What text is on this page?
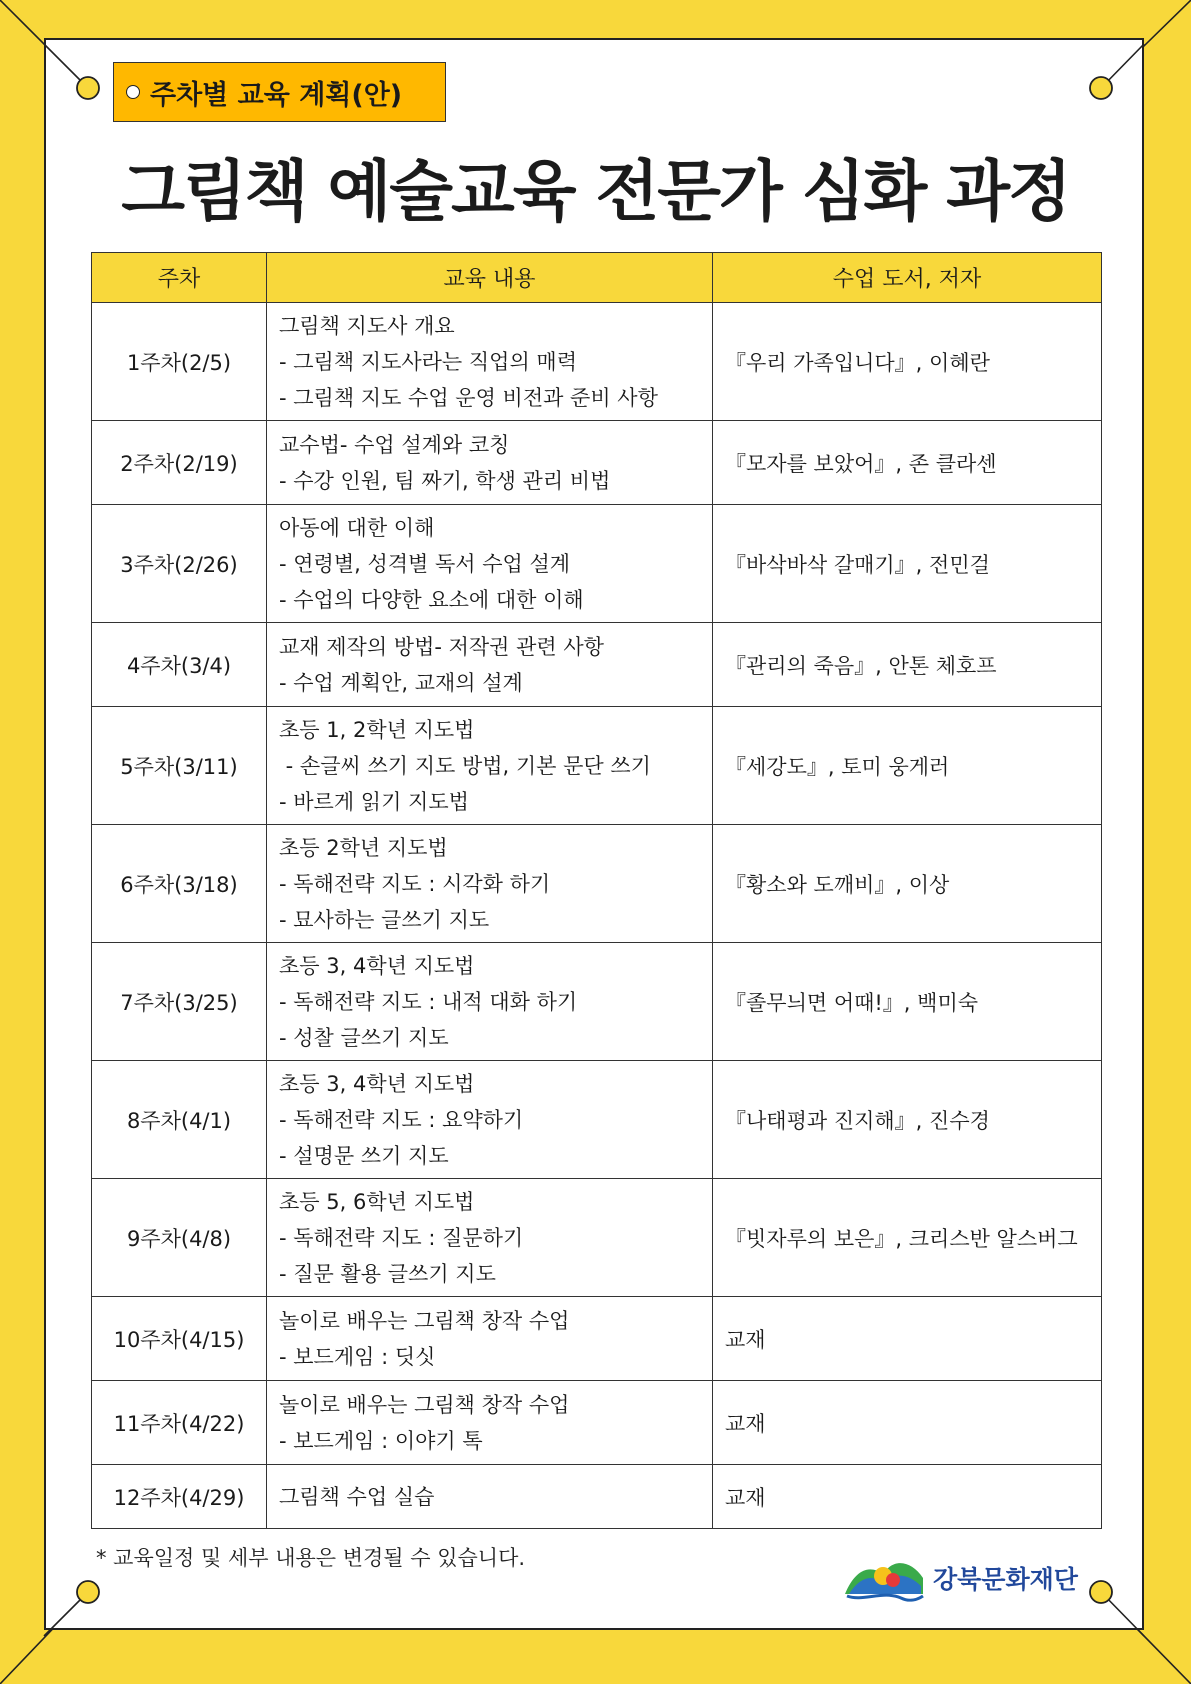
주차별 교육 계획(안)
그림책 예술교육 전문가 심화 과정
주차	교육 내용	수업 도서, 저자
1주차(2/5)	그림책 지도사 개요
- 그림책 지도사라는 직업의 매력
- 그림책 지도 수업 운영 비전과 준비 사항	『우리 가족입니다』, 이혜란
2주차(2/19)	교수법- 수업 설계와 코칭
- 수강 인원, 팀 짜기, 학생 관리 비법	『모자를 보았어』, 존 클라센
3주차(2/26)	아동에 대한 이해
- 연령별, 성격별 독서 수업 설계
- 수업의 다양한 요소에 대한 이해	『바삭바삭 갈매기』, 전민걸
4주차(3/4)	교재 제작의 방법- 저작권 관련 사항
- 수업 계획안, 교재의 설계	『관리의 죽음』, 안톤 체호프
5주차(3/11)	초등 1, 2학년 지도법
- 손글씨 쓰기 지도 방법, 기본 문단 쓰기
- 바르게 읽기 지도법	『세강도』, 토미 웅게러
6주차(3/18)	초등 2학년 지도법
- 독해전략 지도 : 시각화 하기
- 묘사하는 글쓰기 지도	『황소와 도깨비』, 이상
7주차(3/25)	초등 3, 4학년 지도법
- 독해전략 지도 : 내적 대화 하기
- 성찰 글쓰기 지도	『졸무늬면 어때!』, 백미숙
8주차(4/1)	초등 3, 4학년 지도법
- 독해전략 지도 : 요약하기
- 설명문 쓰기 지도	『나태평과 진지해』, 진수경
9주차(4/8)	초등 5, 6학년 지도법
- 독해전략 지도 : 질문하기
- 질문 활용 글쓰기 지도	『빗자루의 보은』, 크리스반 알스버그
10주차(4/15)	놀이로 배우는 그림책 창작 수업
- 보드게임 : 딧싯	교재
11주차(4/22)	놀이로 배우는 그림책 창작 수업
- 보드게임 : 이야기 톡	교재
12주차(4/29)	그림책 수업 실습	교재
* 교육일정 및 세부 내용은 변경될 수 있습니다.
강북문화재단
